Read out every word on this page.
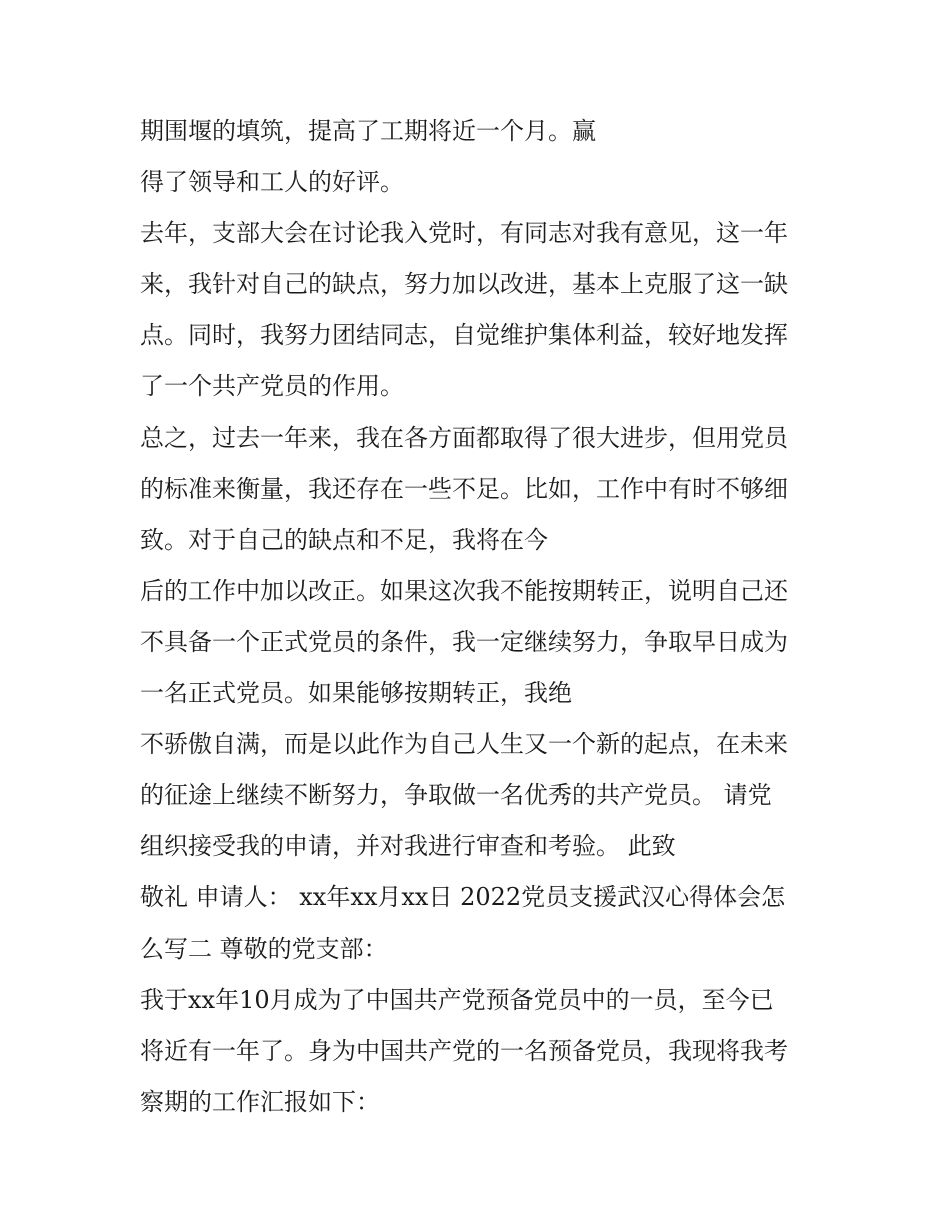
期围堰的填筑，提高了工期将近一个月。赢
得了领导和工人的好评。
去年，支部大会在讨论我入党时，有同志对我有意见，这一年
来，我针对自己的缺点，努力加以改进，基本上克服了这一缺
点。同时，我努力团结同志，自觉维护集体利益，较好地发挥
了一个共产党员的作用。
总之，过去一年来，我在各方面都取得了很大进步，但用党员
的标准来衡量，我还存在一些不足。比如，工作中有时不够细
致。对于自己的缺点和不足，我将在今
后的工作中加以改正。如果这次我不能按期转正，说明自己还
不具备一个正式党员的条件，我一定继续努力，争取早日成为
一名正式党员。如果能够按期转正，我绝
不骄傲自满，而是以此作为自己人生又一个新的起点，在未来
的征途上继续不断努力，争取做一名优秀的共产党员。 请党
组织接受我的申请，并对我进行审查和考验。 此致
敬礼 申请人： xx年xx月xx日 2022党员支援武汉心得体会怎
么写二 尊敬的党支部：
我于xx年10月成为了中国共产党预备党员中的一员，至今已
将近有一年了。身为中国共产党的一名预备党员，我现将我考
察期的工作汇报如下：
